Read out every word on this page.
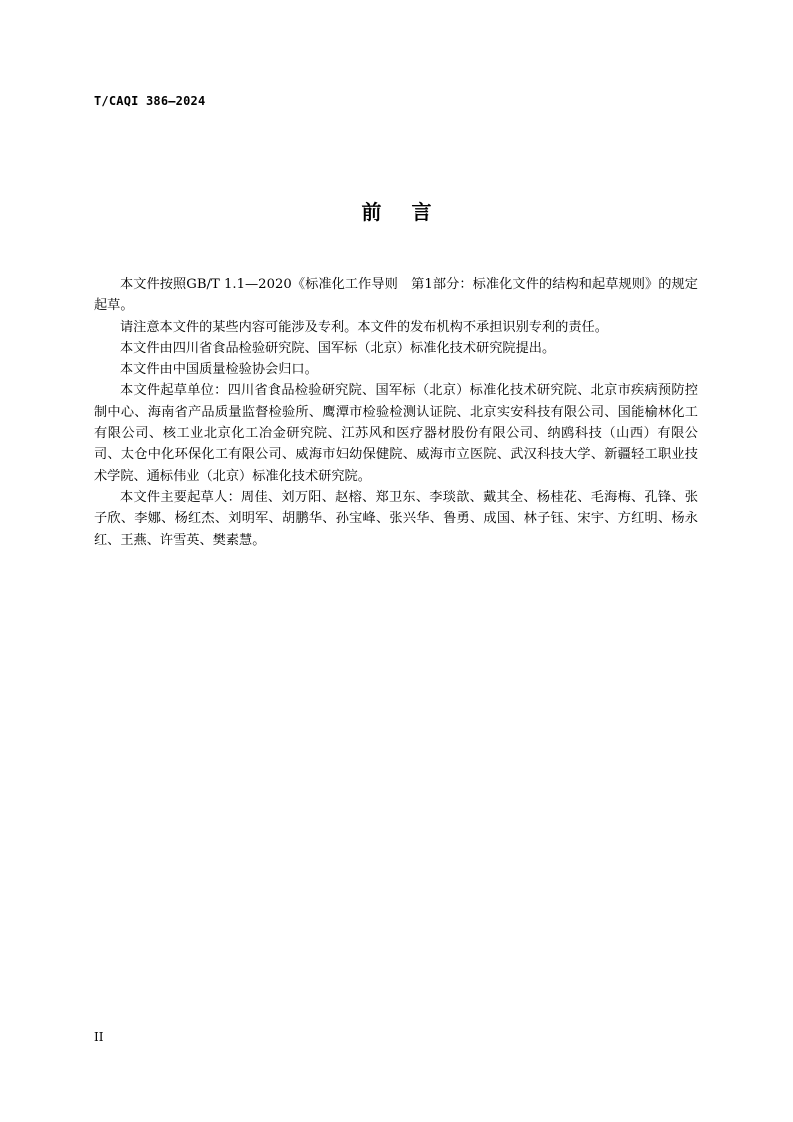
T/CAQI 386—2024
前言

本文件按照GB/T 1.1—2020《标准化工作导则　第1部分：标准化文件的结构和起草规则》的规定起草。

请注意本文件的某些内容可能涉及专利。本文件的发布机构不承担识别专利的责任。

本文件由四川省食品检验研究院、国军标（北京）标准化技术研究院提出。

本文件由中国质量检验协会归口。

本文件起草单位：四川省食品检验研究院、国军标（北京）标准化技术研究院、北京市疾病预防控制中心、海南省产品质量监督检验所、鹰潭市检验检测认证院、北京实安科技有限公司、国能榆林化工有限公司、核工业北京化工冶金研究院、江苏风和医疗器材股份有限公司、纳鸥科技（山西）有限公司、太仓中化环保化工有限公司、威海市妇幼保健院、威海市立医院、武汉科技大学、新疆轻工职业技术学院、通标伟业（北京）标准化技术研究院。

本文件主要起草人：周佳、刘万阳、赵榕、郑卫东、李琰歆、戴其全、杨桂花、毛海梅、孔锋、张子欣、李娜、杨红杰、刘明军、胡鹏华、孙宝峰、张兴华、鲁勇、成国、林子钰、宋宇、方红明、杨永红、王燕、许雪英、樊素慧。

II
